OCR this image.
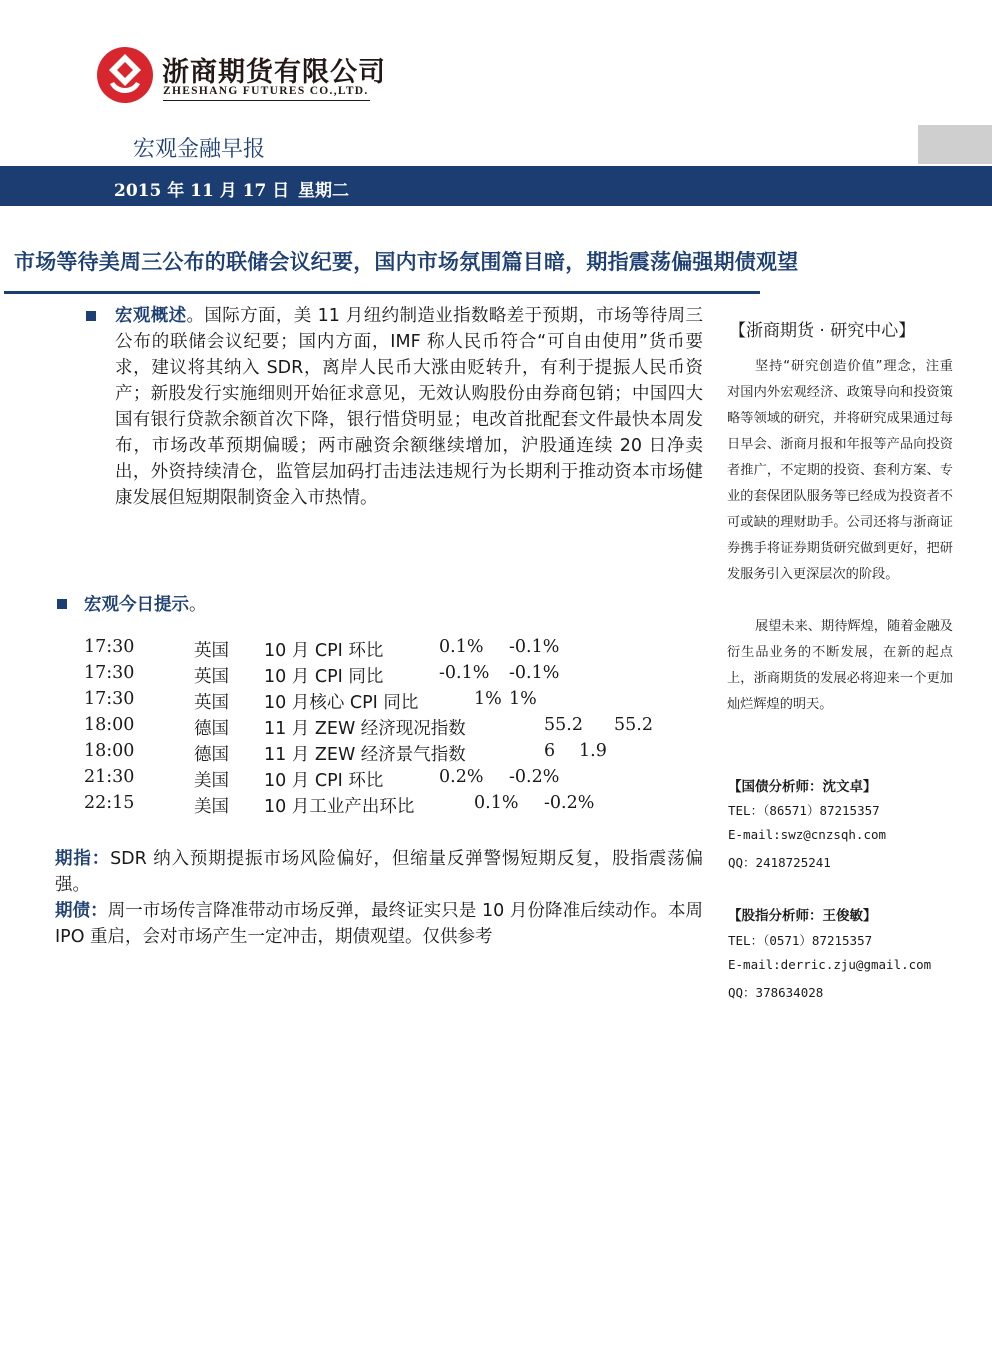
浙商期货有限公司
ZHESHANG FUTURES CO.,LTD.
宏观金融早报
2015 年 11 月 17 日 星期二
市场等待美周三公布的联储会议纪要，国内市场氛围篇目暗，期指震荡偏强期债观望
宏观概述。国际方面，美 11 月纽约制造业指数略差于预期，市场等待周三公布的联储会议纪要；国内方面，IMF 称人民币符合“可自由使用”货币要求，建议将其纳入 SDR，离岸人民币大涨由贬转升，有利于提振人民币资产；新股发行实施细则开始征求意见，无效认购股份由券商包销；中国四大国有银行贷款余额首次下降，银行惜贷明显；电改首批配套文件最快本周发布，市场改革预期偏暖；两市融资余额继续增加，沪股通连续 20 日净卖出，外资持续清仓，监管层加码打击违法违规行为长期利于推动资本市场健康发展但短期限制资金入市热情。
宏观今日提示。
17:30	英国 10 月 CPI 环比	0.1% -0.1%
17:30	英国 10 月 CPI 同比	-0.1% -0.1%
17:30	英国 10 月核心 CPI 同比	1% 1%
18:00	德国 11 月 ZEW 经济现况指数	55.2 55.2
18:00	德国 11 月 ZEW 经济景气指数	6 1.9
21:30	美国 10 月 CPI 环比	0.2% -0.2%
22:15	美国 10 月工业产出环比	0.1% -0.2%
期指：SDR 纳入预期提振市场风险偏好，但缩量反弹警惕短期反复，股指震荡偏强。
期债：周一市场传言降准带动市场反弹，最终证实只是 10 月份降准后续动作。本周 IPO 重启，会对市场产生一定冲击，期债观望。仅供参考
【浙商期货 · 研究中心】
坚持“研究创造价值”理念，注重对国内外宏观经济、政策导向和投资策略等领域的研究，并将研究成果通过每日早会、浙商月报和年报等产品向投资者推广，不定期的投资、套利方案、专业的套保团队服务等已经成为投资者不可或缺的理财助手。公司还将与浙商证券携手将证券期货研究做到更好，把研发服务引入更深层次的阶段。
展望未来、期待辉煌，随着金融及衍生品业务的不断发展，在新的起点上，浙商期货的发展必将迎来一个更加灿烂辉煌的明天。
【国债分析师：沈文卓】
TEL：（86571）87215357
E-mail:swz@cnzsqh.com
QQ：2418725241
【股指分析师：王俊敏】
TEL：（0571）87215357
E-mail:derric.zju@gmail.com
QQ：378634028
